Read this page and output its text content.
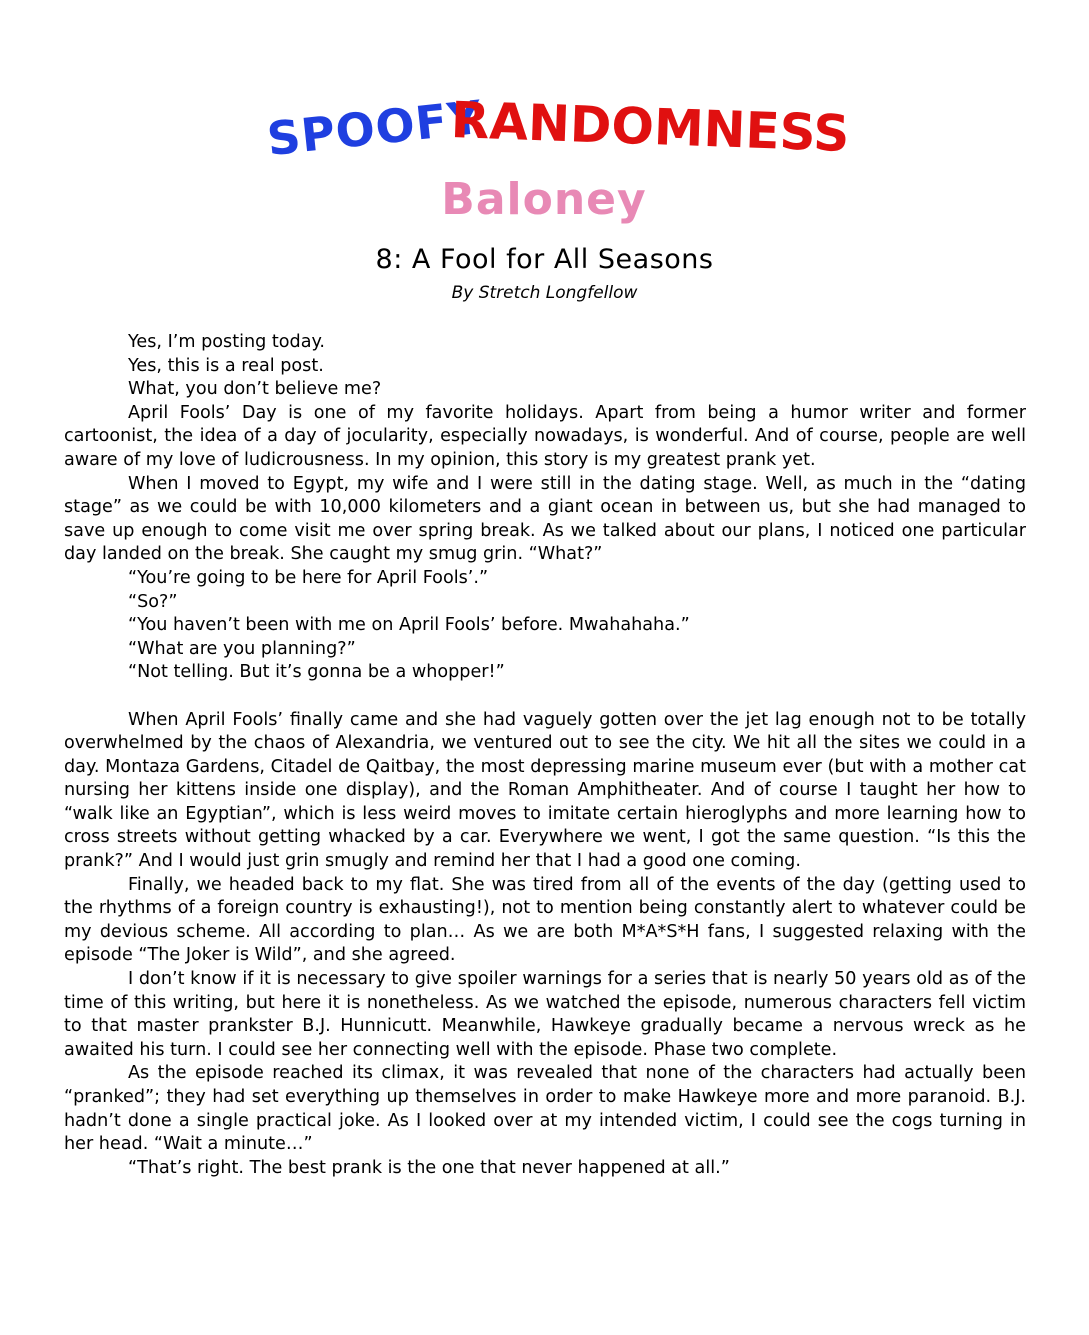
SPOOFY
RANDOMNESS
Baloney
8: A Fool for All Seasons

By Stretch Longfellow

Yes, I’m posting today.

Yes, this is a real post.

What, you don’t believe me?

April Fools’ Day is one of my favorite holidays. Apart from being a humor writer and former cartoonist, the idea of a day of jocularity, especially nowadays, is wonderful. And of course, people are well aware of my love of ludicrousness. In my opinion, this story is my greatest prank yet.

When I moved to Egypt, my wife and I were still in the dating stage. Well, as much in the “dating stage” as we could be with 10,000 kilometers and a giant ocean in between us, but she had managed to save up enough to come visit me over spring break. As we talked about our plans, I noticed one particular day landed on the break. She caught my smug grin. “What?”

“You’re going to be here for April Fools’.”

“So?”

“You haven’t been with me on April Fools’ before. Mwahahaha.”

“What are you planning?”

“Not telling. But it’s gonna be a whopper!”

When April Fools’ finally came and she had vaguely gotten over the jet lag enough not to be totally overwhelmed by the chaos of Alexandria, we ventured out to see the city. We hit all the sites we could in a day. Montaza Gardens, Citadel de Qaitbay, the most depressing marine museum ever (but with a mother cat nursing her kittens inside one display), and the Roman Amphitheater. And of course I taught her how to “walk like an Egyptian”, which is less weird moves to imitate certain hieroglyphs and more learning how to cross streets without getting whacked by a car. Everywhere we went, I got the same question. “Is this the prank?” And I would just grin smugly and remind her that I had a good one coming.

Finally, we headed back to my flat. She was tired from all of the events of the day (getting used to the rhythms of a foreign country is exhausting!), not to mention being constantly alert to whatever could be my devious scheme. All according to plan… As we are both M*A*S*H fans, I suggested relaxing with the episode “The Joker is Wild”, and she agreed.

I don’t know if it is necessary to give spoiler warnings for a series that is nearly 50 years old as of the time of this writing, but here it is nonetheless. As we watched the episode, numerous characters fell victim to that master prankster B.J. Hunnicutt. Meanwhile, Hawkeye gradually became a nervous wreck as he awaited his turn. I could see her connecting well with the episode. Phase two complete.

As the episode reached its climax, it was revealed that none of the characters had actually been “pranked”; they had set everything up themselves in order to make Hawkeye more and more paranoid. B.J. hadn’t done a single practical joke. As I looked over at my intended victim, I could see the cogs turning in her head. “Wait a minute…”

“That’s right. The best prank is the one that never happened at all.”
